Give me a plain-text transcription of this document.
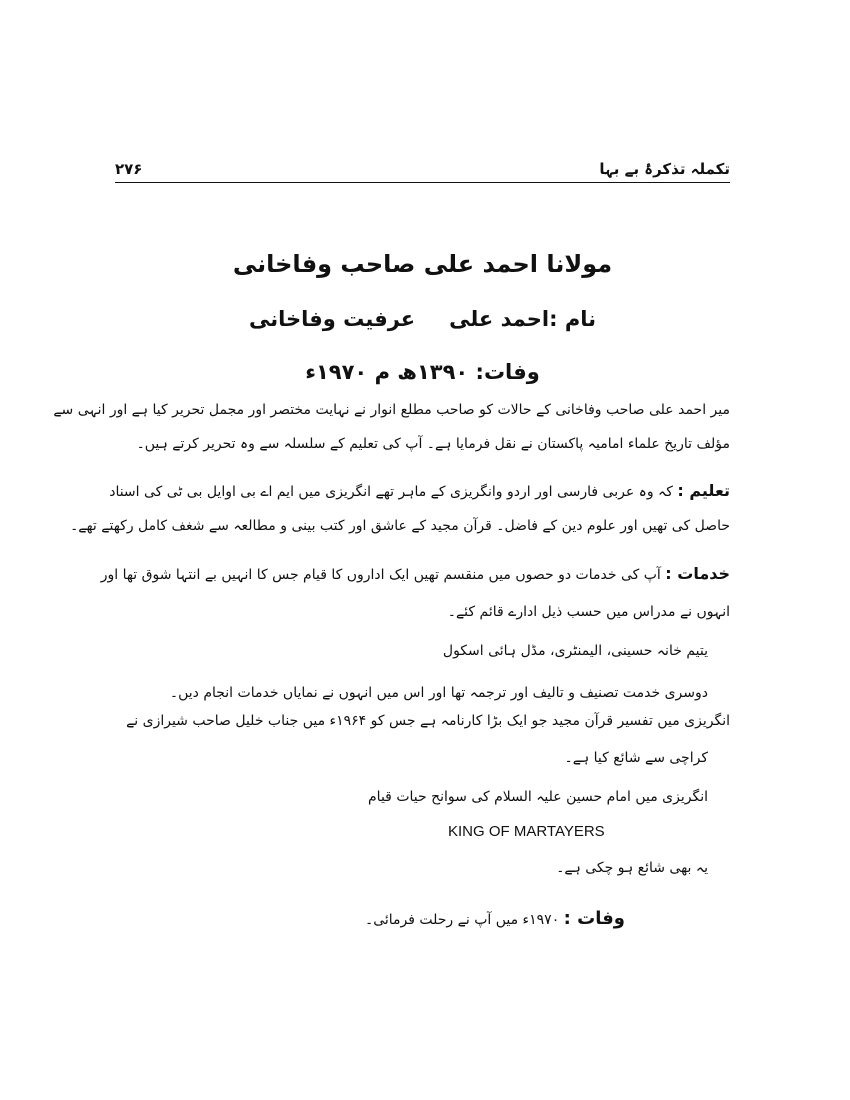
تکملہ تذکرۂ بے بہا
۲۷۶
مولانا احمد علی صاحب وفاخانی
نام :احمد علیعرفیت وفاخانی
وفات: ۱۳۹۰ھ م ۱۹۷۰ء
میر احمد علی صاحب وفاخانی کے حالات کو صاحب مطلع انوار نے نہایت مختصر اور مجمل تحریر کیا ہے اور انہی سے
مؤلف تاریخ علماء امامیہ پاکستان نے نقل فرمایا ہے۔ آپ کی تعلیم کے سلسلہ سے وہ تحریر کرتے ہیں۔
تعلیم : کہ وہ عربی فارسی اور اردو وانگریزی کے ماہر تھے انگریزی میں ایم اے بی اوایل بی ٹی کی اسناد
حاصل کی تھیں اور علوم دین کے فاضل۔ قرآن مجید کے عاشق اور کتب بینی و مطالعہ سے شغف کامل رکھتے تھے۔
خدمات : آپ کی خدمات دو حصوں میں منقسم تھیں ایک اداروں کا قیام جس کا انہیں بے انتہا شوق تھا اور
انہوں نے مدراس میں حسب ذیل ادارے قائم کئے۔
یتیم خانہ حسینی، الیمنٹری، مڈل ہائی اسکول
دوسری خدمت تصنیف و تالیف اور ترجمہ تھا اور اس میں انہوں نے نمایاں خدمات انجام دیں۔
انگریزی میں تفسیر قرآن مجید جو ایک بڑا کارنامہ ہے جس کو ۱۹۶۴ء میں جناب خلیل صاحب شیرازی نے
کراچی سے شائع کیا ہے۔
انگریزی میں امام حسین علیہ السلام کی سوانح حیات قیام
KING OF MARTAYERS
یہ بھی شائع ہو چکی ہے۔
وفات : ۱۹۷۰ء میں آپ نے رحلت فرمائی۔
